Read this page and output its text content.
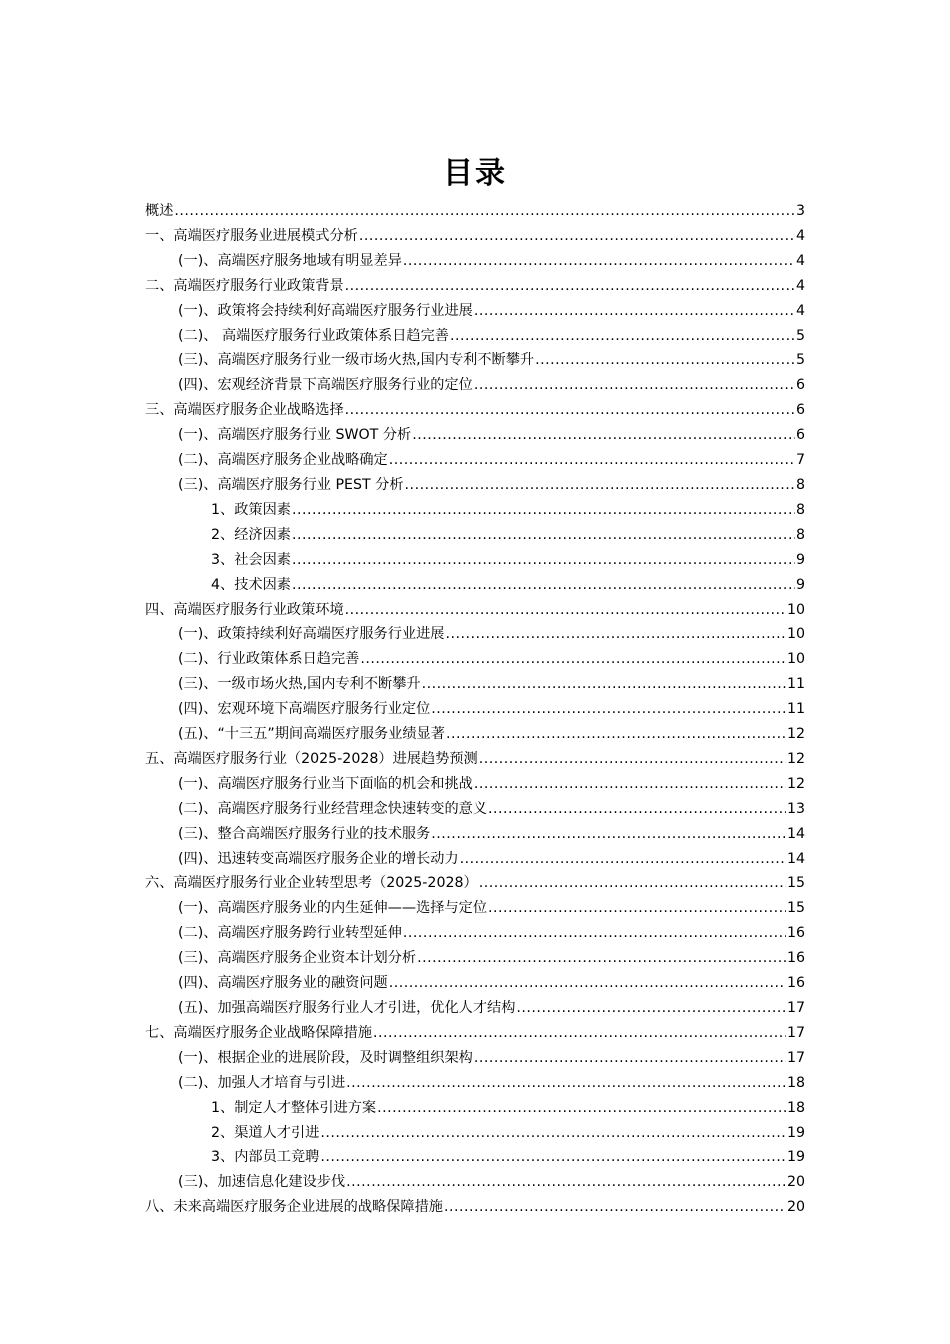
目录
概述 .....	3
一、高端医疗服务业进展模式分析 .....	4
(一)、高端医疗服务地域有明显差异 .....	4
二、高端医疗服务行业政策背景 .....	4
(一)、政策将会持续利好高端医疗服务行业进展 .....	4
(二)、 高端医疗服务行业政策体系日趋完善 .....	5
(三)、高端医疗服务行业一级市场火热,国内专利不断攀升 .....	5
(四)、宏观经济背景下高端医疗服务行业的定位 .....	6
三、高端医疗服务企业战略选择 .....	6
(一)、高端医疗服务行业 SWOT 分析 .....	6
(二)、高端医疗服务企业战略确定 .....	7
(三)、高端医疗服务行业 PEST 分析 .....	8
1、政策因素 .....	8
2、经济因素 .....	8
3、社会因素 .....	9
4、技术因素 .....	9
四、高端医疗服务行业政策环境 .....	10
(一)、政策持续利好高端医疗服务行业进展 .....	10
(二)、行业政策体系日趋完善 .....	10
(三)、一级市场火热,国内专利不断攀升 .....	11
(四)、宏观环境下高端医疗服务行业定位 .....	11
(五)、“十三五”期间高端医疗服务业绩显著 .....	12
五、高端医疗服务行业（2025-2028）进展趋势预测 .....	12
(一)、高端医疗服务行业当下面临的机会和挑战 .....	12
(二)、高端医疗服务行业经营理念快速转变的意义 .....	13
(三)、整合高端医疗服务行业的技术服务 .....	14
(四)、迅速转变高端医疗服务企业的增长动力 .....	14
六、高端医疗服务行业企业转型思考（2025-2028） .....	15
(一)、高端医疗服务业的内生延伸——选择与定位 .....	15
(二)、高端医疗服务跨行业转型延伸 .....	16
(三)、高端医疗服务企业资本计划分析 .....	16
(四)、高端医疗服务业的融资问题 .....	16
(五)、加强高端医疗服务行业人才引进，优化人才结构 .....	17
七、高端医疗服务企业战略保障措施 .....	17
(一)、根据企业的进展阶段，及时调整组织架构 .....	17
(二)、加强人才培育与引进 .....	18
1、制定人才整体引进方案 .....	18
2、渠道人才引进 .....	19
3、内部员工竞聘 .....	19
(三)、加速信息化建设步伐 .....	20
八、未来高端医疗服务企业进展的战略保障措施 .....	20
